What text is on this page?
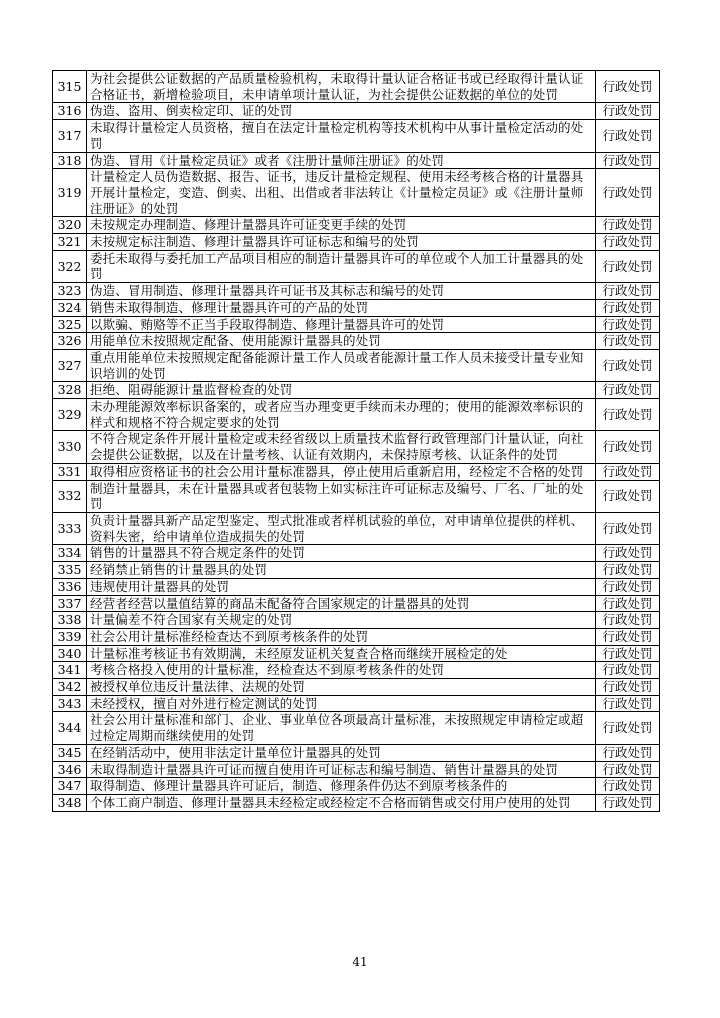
315	为社会提供公证数据的产品质量检验机构，未取得计量认证合格证书或已经取得计量认证合格证书，新增检验项目，未申请单项计量认证，为社会提供公证数据的单位的处罚	行政处罚
316	伪造、盗用、倒卖检定印、证的处罚	行政处罚
317	未取得计量检定人员资格，擅自在法定计量检定机构等技术机构中从事计量检定活动的处罚	行政处罚
318	伪造、冒用《计量检定员证》或者《注册计量师注册证》的处罚	行政处罚
319	计量检定人员伪造数据、报告、证书，违反计量检定规程、使用未经考核合格的计量器具开展计量检定，变造、倒卖、出租、出借或者非法转让《计量检定员证》或《注册计量师注册证》的处罚	行政处罚
320	未按规定办理制造、修理计量器具许可证变更手续的处罚	行政处罚
321	未按规定标注制造、修理计量器具许可证标志和编号的处罚	行政处罚
322	委托未取得与委托加工产品项目相应的制造计量器具许可的单位或个人加工计量器具的处罚	行政处罚
323	伪造、冒用制造、修理计量器具许可证书及其标志和编号的处罚	行政处罚
324	销售未取得制造、修理计量器具许可的产品的处罚	行政处罚
325	以欺骗、贿赂等不正当手段取得制造、修理计量器具许可的处罚	行政处罚
326	用能单位未按照规定配备、使用能源计量器具的处罚	行政处罚
327	重点用能单位未按照规定配备能源计量工作人员或者能源计量工作人员未接受计量专业知识培训的处罚	行政处罚
328	拒绝、阻碍能源计量监督检查的处罚	行政处罚
329	未办理能源效率标识备案的，或者应当办理变更手续而未办理的；使用的能源效率标识的样式和规格不符合规定要求的处罚	行政处罚
330	不符合规定条件开展计量检定或未经省级以上质量技术监督行政管理部门计量认证，向社会提供公证数据，以及在计量考核、认证有效期内，未保持原考核、认证条件的处罚	行政处罚
331	取得相应资格证书的社会公用计量标准器具，停止使用后重新启用，经检定不合格的处罚	行政处罚
332	制造计量器具，未在计量器具或者包装物上如实标注许可证标志及编号、厂名、厂址的处罚	行政处罚
333	负责计量器具新产品定型鉴定、型式批准或者样机试验的单位，对申请单位提供的样机、资料失密，给申请单位造成损失的处罚	行政处罚
334	销售的计量器具不符合规定条件的处罚	行政处罚
335	经销禁止销售的计量器具的处罚	行政处罚
336	违规使用计量器具的处罚	行政处罚
337	经营者经营以量值结算的商品未配备符合国家规定的计量器具的处罚	行政处罚
338	计量偏差不符合国家有关规定的处罚	行政处罚
339	社会公用计量标准经检查达不到原考核条件的处罚	行政处罚
340	计量标准考核证书有效期满，未经原发证机关复查合格而继续开展检定的处	行政处罚
341	考核合格投入使用的计量标准，经检查达不到原考核条件的处罚	行政处罚
342	被授权单位违反计量法律、法规的处罚	行政处罚
343	未经授权，擅自对外进行检定测试的处罚	行政处罚
344	社会公用计量标准和部门、企业、事业单位各项最高计量标准，未按照规定申请检定或超过检定周期而继续使用的处罚	行政处罚
345	在经销活动中，使用非法定计量单位计量器具的处罚	行政处罚
346	未取得制造计量器具许可证而擅自使用许可证标志和编号制造、销售计量器具的处罚	行政处罚
347	取得制造、修理计量器具许可证后，制造、修理条件仍达不到原考核条件的	行政处罚
348	个体工商户制造、修理计量器具未经检定或经检定不合格而销售或交付用户使用的处罚	行政处罚
41
